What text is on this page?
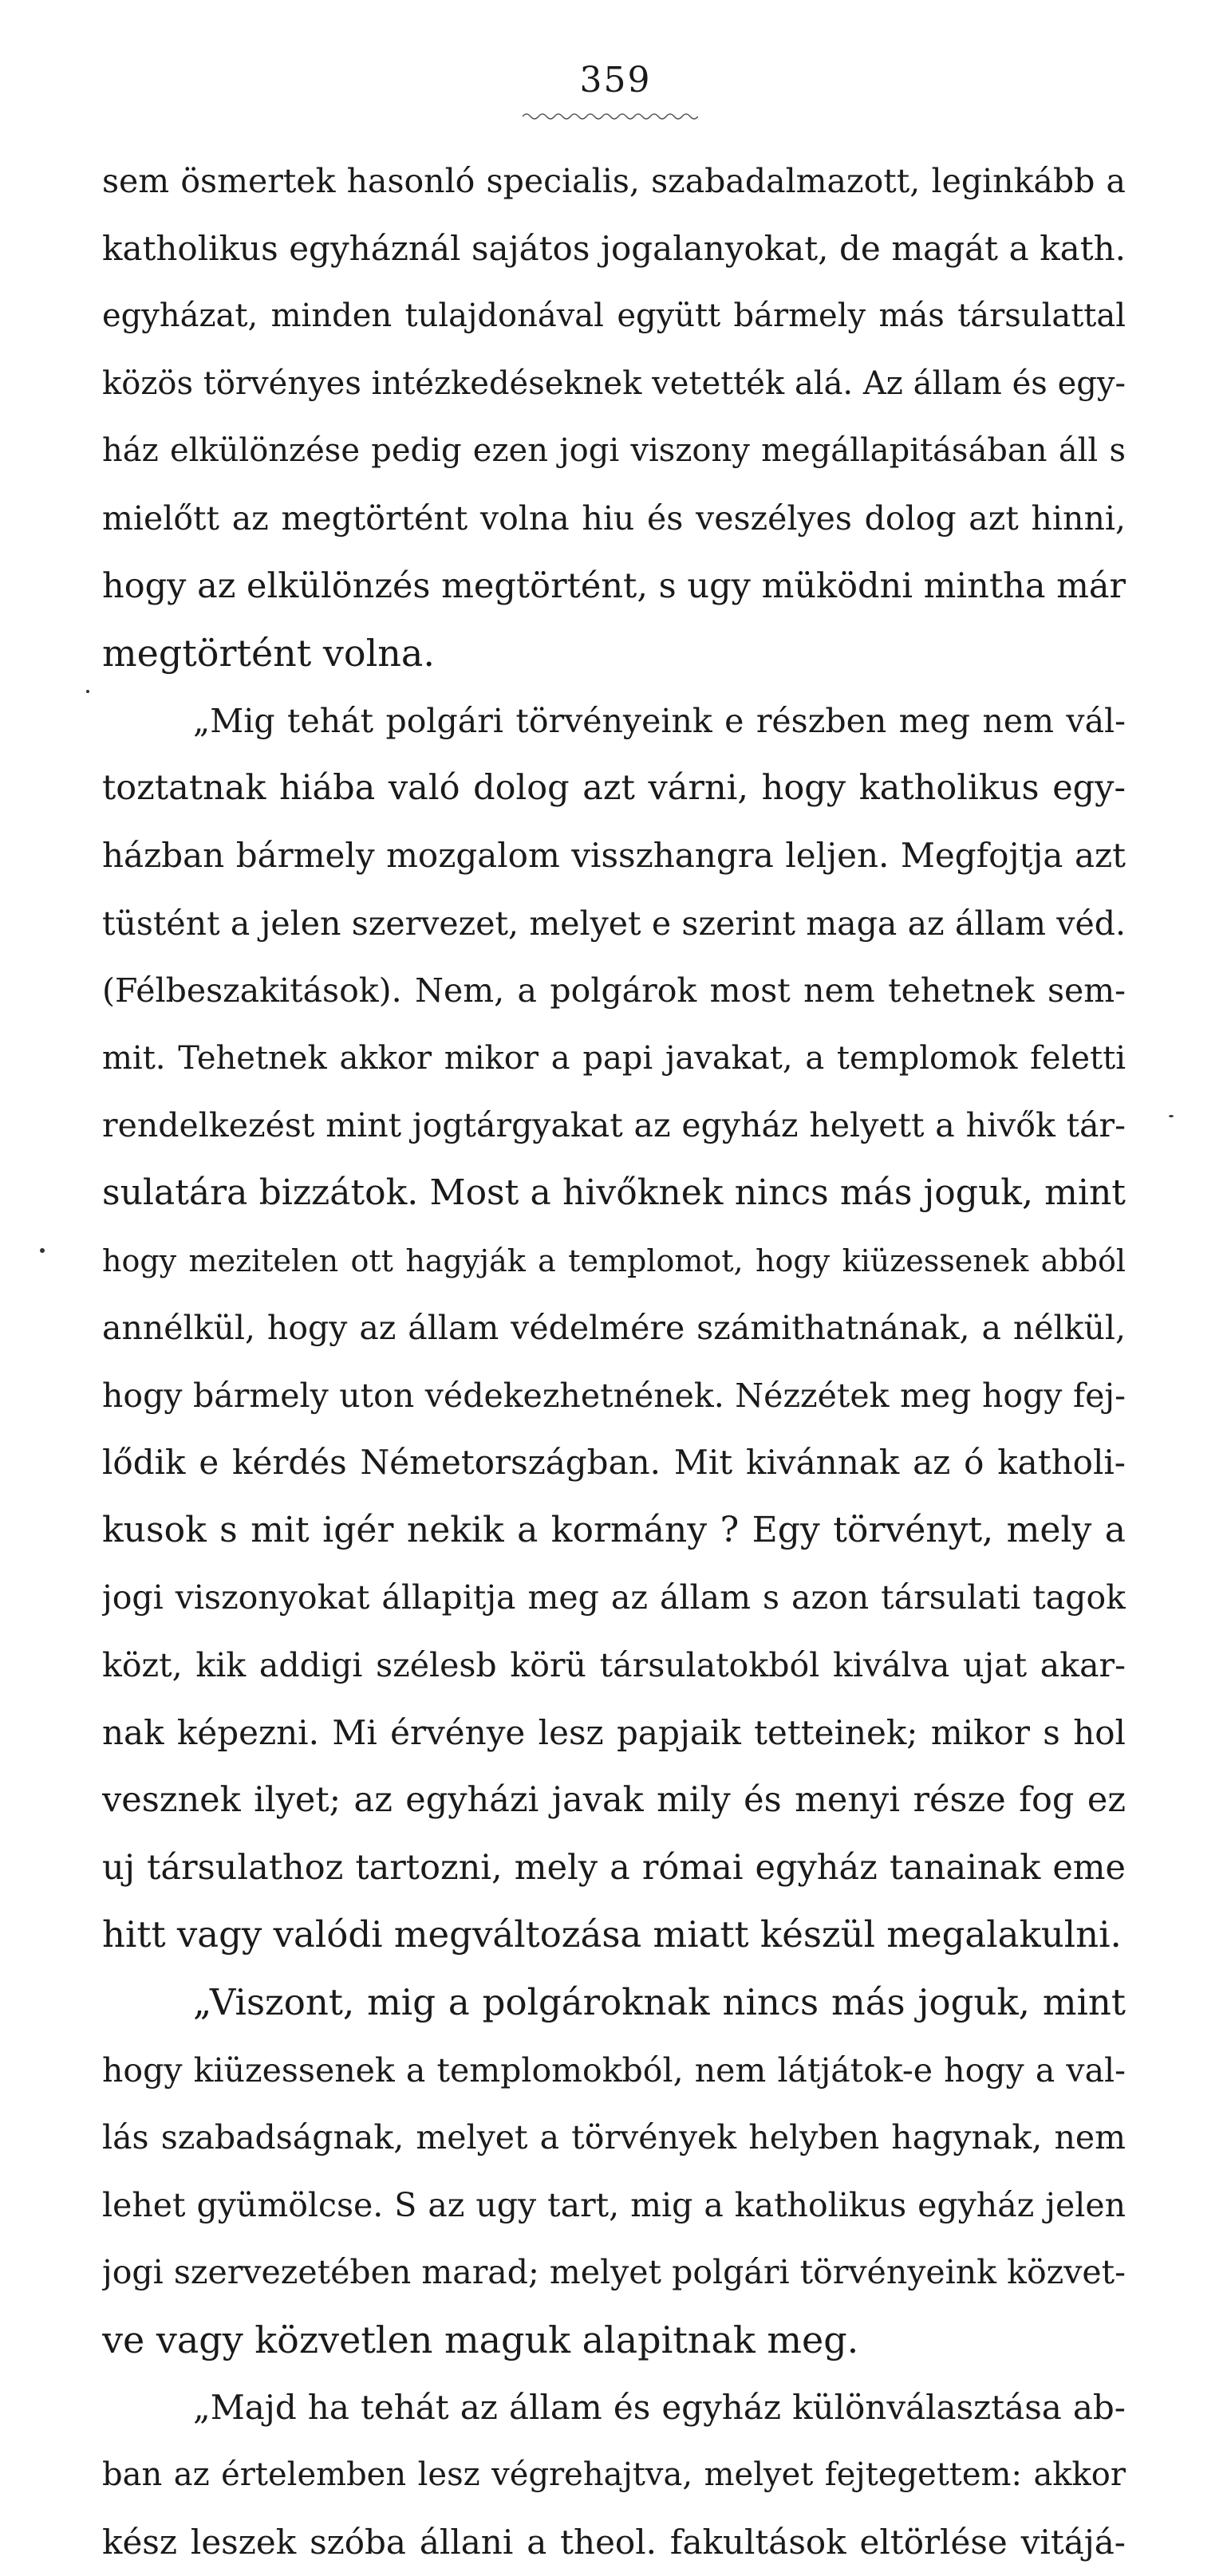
359
sem ösmertek hasonló specialis, szabadalmazott, leginkább a
katholikus egyháznál sajátos jogalanyokat, de magát a kath.
egyházat, minden tulajdonával együtt bármely más társulattal
közös törvényes intézkedéseknek vetették alá. Az állam és egy-
ház elkülönzése pedig ezen jogi viszony megállapitásában áll s
mielőtt az megtörtént volna hiu és veszélyes dolog azt hinni,
hogy az elkülönzés megtörtént, s ugy müködni mintha már
megtörtént volna.
„Mig tehát polgári törvényeink e részben meg nem vál-
toztatnak hiába való dolog azt várni, hogy katholikus egy-
házban bármely mozgalom visszhangra leljen. Megfojtja azt
tüstént a jelen szervezet, melyet e szerint maga az állam véd.
(Félbeszakitások). Nem, a polgárok most nem tehetnek sem-
mit. Tehetnek akkor mikor a papi javakat, a templomok feletti
rendelkezést mint jogtárgyakat az egyház helyett a hivők tár-
sulatára bizzátok. Most a hivőknek nincs más joguk, mint
hogy mezitelen ott hagyják a templomot, hogy kiüzessenek abból
annélkül, hogy az állam védelmére számithatnának, a nélkül,
hogy bármely uton védekezhetnének. Nézzétek meg hogy fej-
lődik e kérdés Németországban. Mit kivánnak az ó katholi-
kusok s mit igér nekik a kormány ? Egy törvényt, mely a
jogi viszonyokat állapitja meg az állam s azon társulati tagok
közt, kik addigi szélesb körü társulatokból kiválva ujat akar-
nak képezni. Mi érvénye lesz papjaik tetteinek; mikor s hol
vesznek ilyet; az egyházi javak mily és menyi része fog ez
uj társulathoz tartozni, mely a római egyház tanainak eme
hitt vagy valódi megváltozása miatt készül megalakulni.
„Viszont, mig a polgároknak nincs más joguk, mint
hogy kiüzessenek a templomokból, nem látjátok-e hogy a val-
lás szabadságnak, melyet a törvények helyben hagynak, nem
lehet gyümölcse. S az ugy tart, mig a katholikus egyház jelen
jogi szervezetében marad; melyet polgári törvényeink közvet-
ve vagy közvetlen maguk alapitnak meg.
„Majd ha tehát az állam és egyház különválasztása ab-
ban az értelemben lesz végrehajtva, melyet fejtegettem: akkor
kész leszek szóba állani a theol. fakultások eltörlése vitájá-
